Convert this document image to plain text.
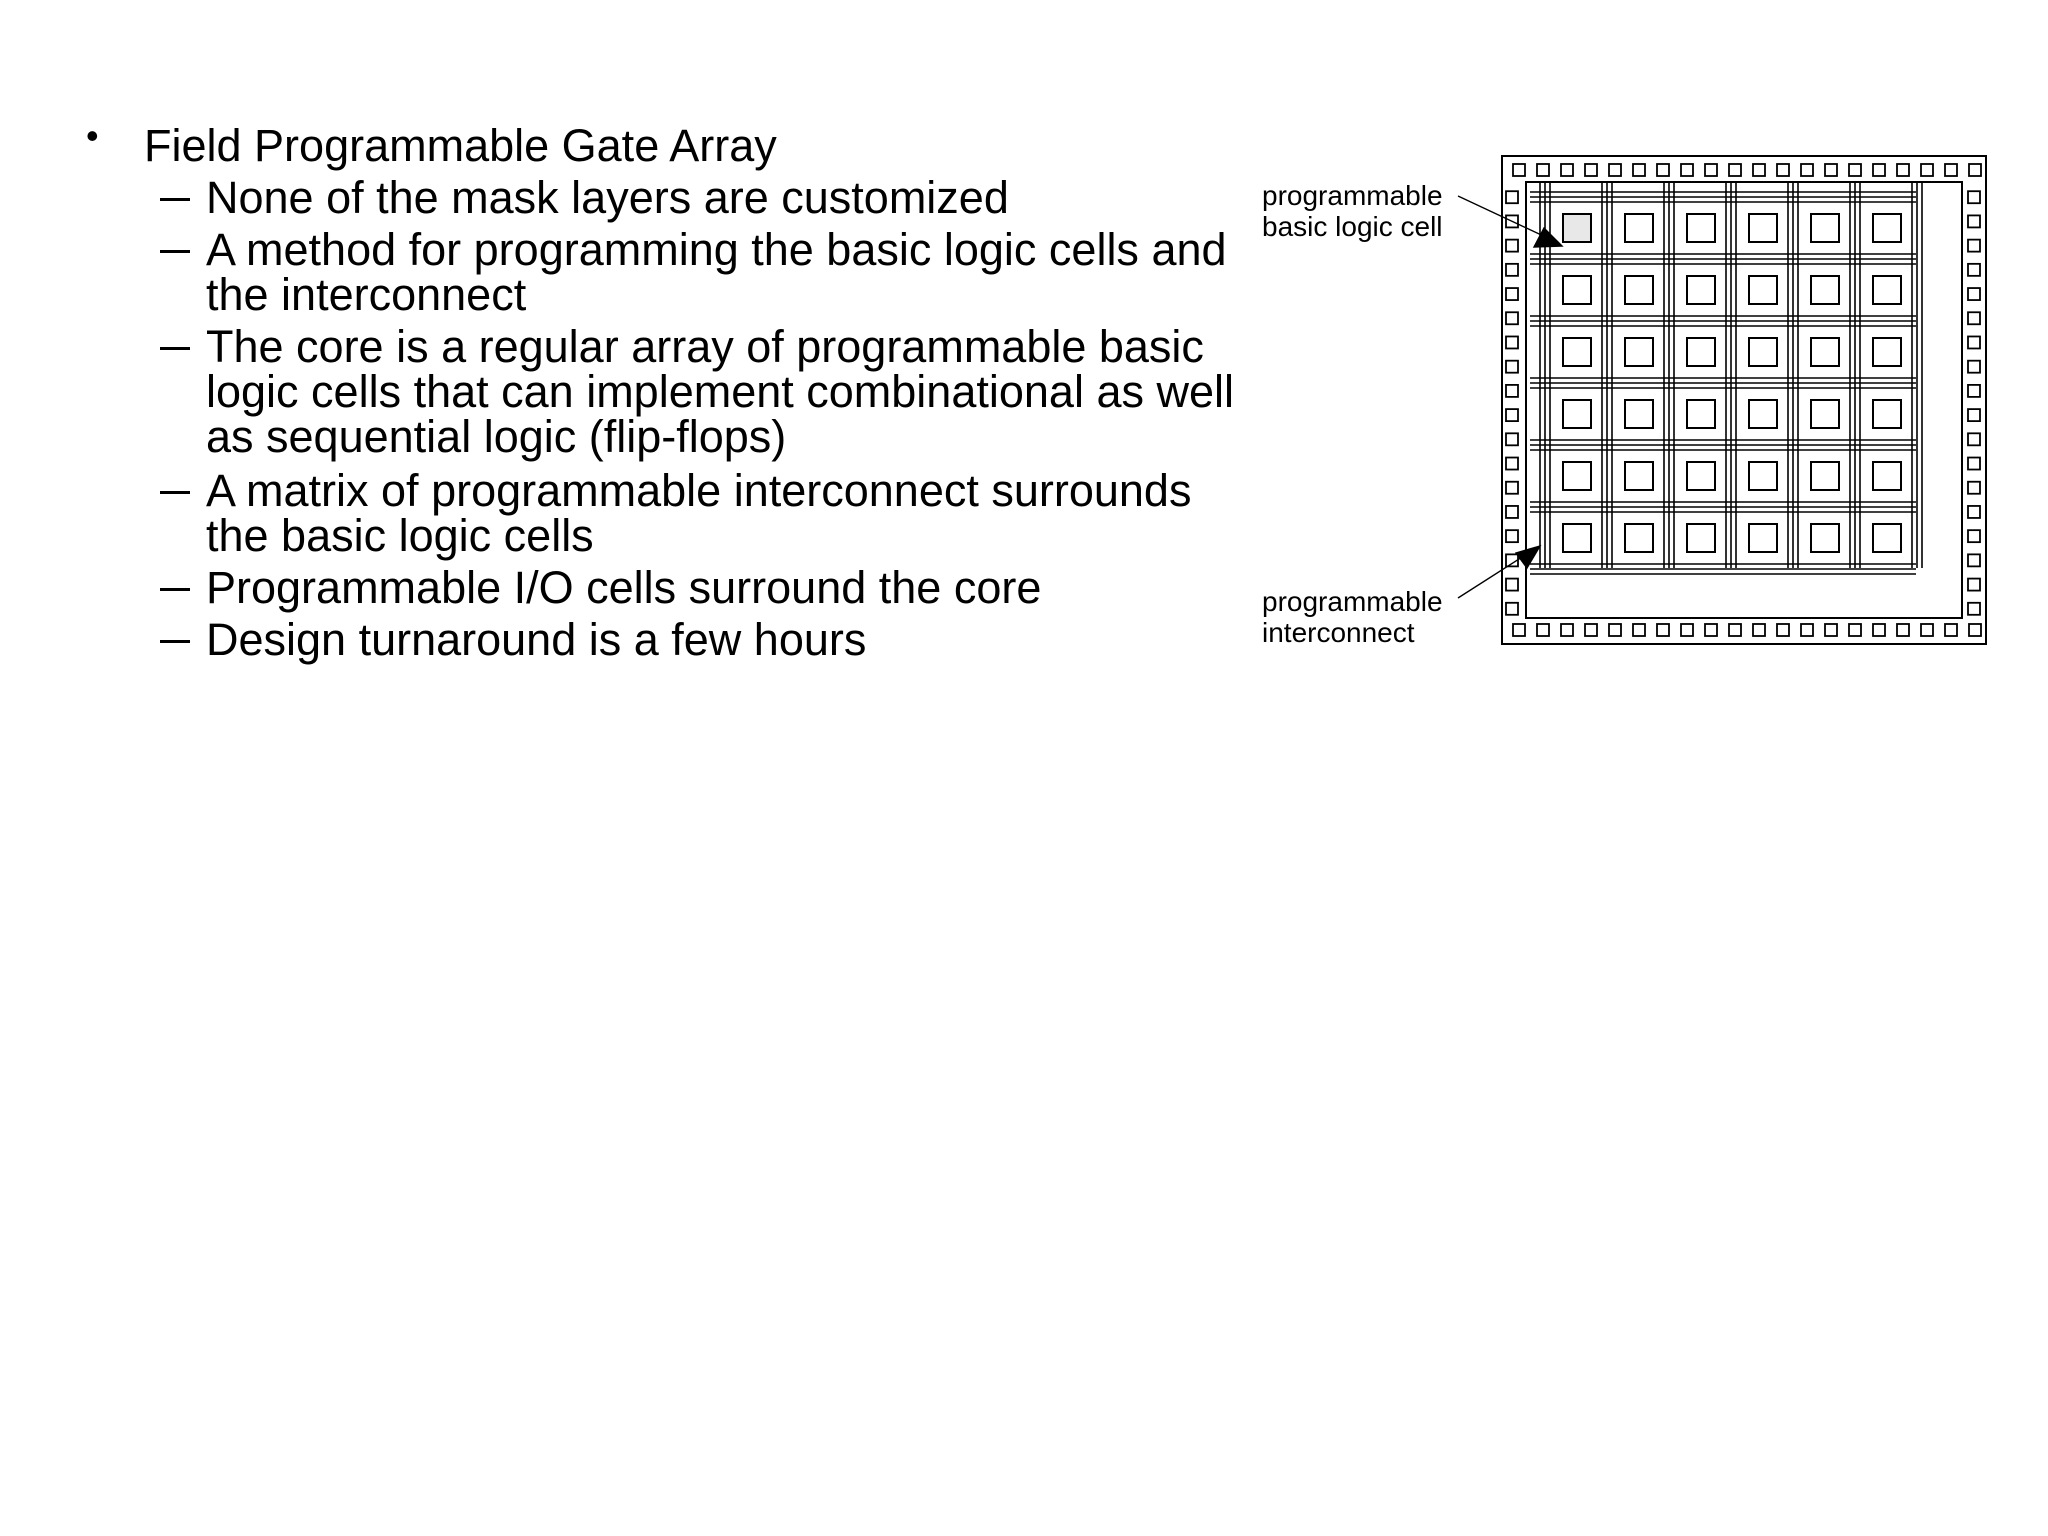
• Field Programmable Gate Array
None of the mask layers are customized
A method for programming the basic logic cells and
the interconnect
The core is a regular array of programmable basic
logic cells that can implement combinational as well
as sequential logic (flip-flops)
A matrix of programmable interconnect surrounds
the basic logic cells
Programmable I/O cells surround the core
Design turnaround is a few hours
programmable
basic logic cell
programmable
interconnect
